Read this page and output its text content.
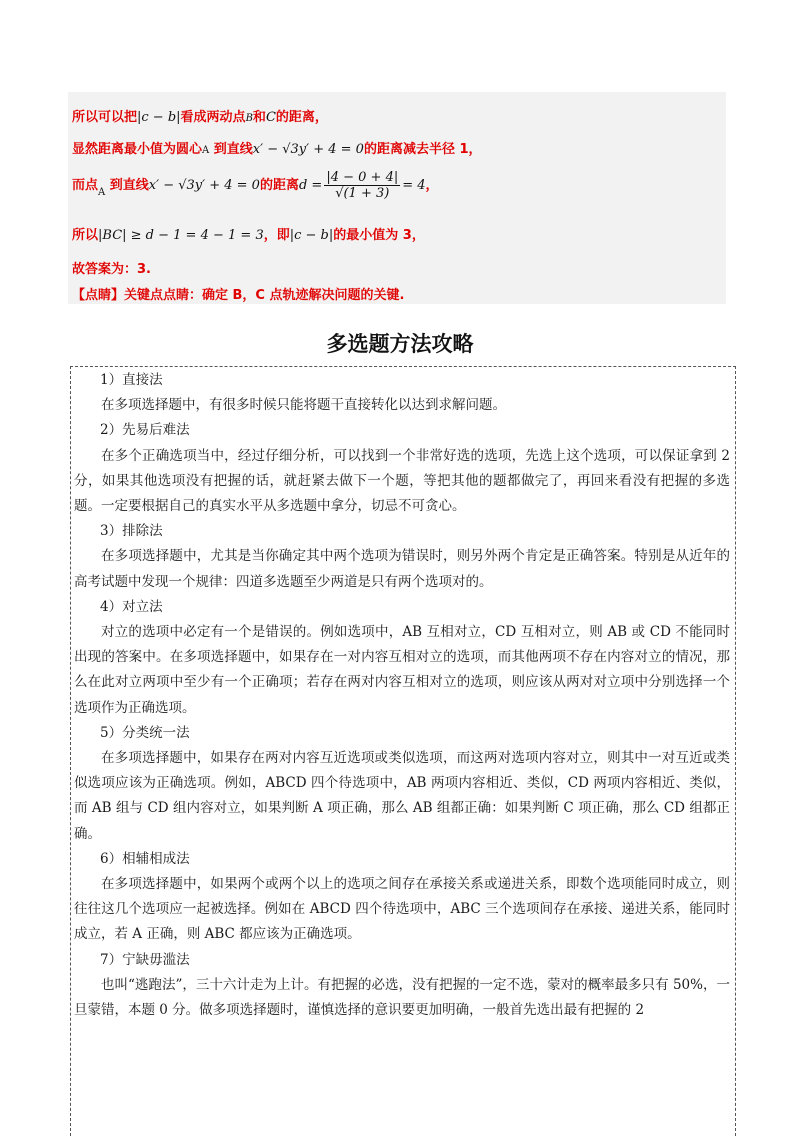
所以可以把|c − b|看成两动点B和C的距离，
显然距离最小值为圆心A 到直线x′ − √3y′ + 4 = 0的距离减去半径 1，
而点$_A$ 到直线x′ − √3y′ + 4 = 0的距离$d = \frac{|4 - 0 + 4|}{√(1 + 3)} = 4$，
所以|BC| ≥ d − 1 = 4 − 1 = 3，即|c − b|的最小值为 3，
故答案为：3.
【点睛】关键点点睛：确定 B，C 点轨迹解决问题的关键.
多选题方法攻略
1）直接法
在多项选择题中，有很多时候只能将题干直接转化以达到求解问题。
2）先易后难法
在多个正确选项当中，经过仔细分析，可以找到一个非常好选的选项，先选上这个选项，可以保证拿到 2 分，如果其他选项没有把握的话，就赶紧去做下一个题，等把其他的题都做完了，再回来看没有把握的多选题。一定要根据自己的真实水平从多选题中拿分，切忌不可贪心。
3）排除法
在多项选择题中，尤其是当你确定其中两个选项为错误时，则另外两个肯定是正确答案。特别是从近年的高考试题中发现一个规律：四道多选题至少两道是只有两个选项对的。
4）对立法
对立的选项中必定有一个是错误的。例如选项中，AB 互相对立，CD 互相对立，则 AB 或 CD 不能同时出现的答案中。在多项选择题中，如果存在一对内容互相对立的选项，而其他两项不存在内容对立的情况，那么在此对立两项中至少有一个正确项；若存在两对内容互相对立的选项，则应该从两对对立项中分别选择一个选项作为正确选项。
5）分类统一法
在多项选择题中，如果存在两对内容互近选项或类似选项，而这两对选项内容对立，则其中一对互近或类似选项应该为正确选项。例如，ABCD 四个待选项中，AB 两项内容相近、类似，CD 两项内容相近、类似，而 AB 组与 CD 组内容对立，如果判断 A 项正确，那么 AB 组都正确：如果判断 C 项正确，那么 CD 组都正确。
6）相辅相成法
在多项选择题中，如果两个或两个以上的选项之间存在承接关系或递进关系，即数个选项能同时成立，则往往这几个选项应一起被选择。例如在 ABCD 四个待选项中，ABC 三个选项间存在承接、递进关系，能同时成立，若 A 正确，则 ABC 都应该为正确选项。
7）宁缺毋滥法
也叫“逃跑法”，三十六计走为上计。有把握的必选，没有把握的一定不选，蒙对的概率最多只有 50%，一旦蒙错，本题 0 分。做多项选择题时，谨慎选择的意识要更加明确，一般首先选出最有把握的 2
